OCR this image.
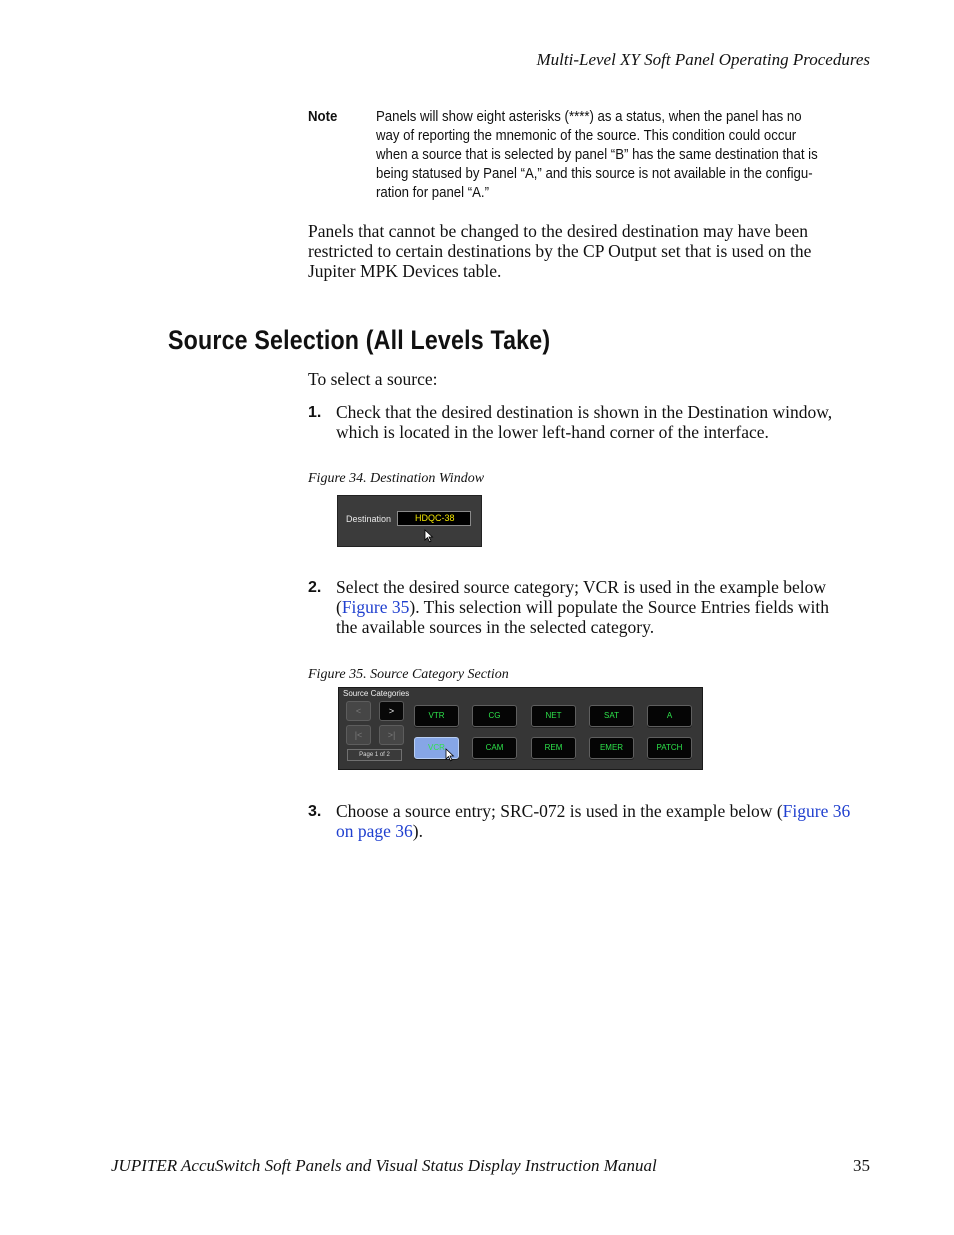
Multi-Level XY Soft Panel Operating Procedures
Note	Panels will show eight asterisks (****) as a status, when the panel has no
way of reporting the mnemonic of the source. This condition could occur
when a source that is selected by panel “B” has the same destination that is
being statused by Panel “A,” and this source is not available in the configu-
ration for panel “A.”
Panels that cannot be changed to the desired destination may have been
restricted to certain destinations by the CP Output set that is used on the
Jupiter MPK Devices table.
Source Selection (All Levels Take)
To select a source:
1. Check that the desired destination is shown in the Destination window,
which is located in the lower left-hand corner of the interface.
Figure 34. Destination Window
Destination	HDQC-38
2. Select the desired source category; VCR is used in the example below
(Figure 35). This selection will populate the Source Entries fields with
the available sources in the selected category.
Figure 35. Source Category Section
Source Categories
<	>
|<	>|
Page 1 of 2
VTR	CG	NET	SAT	A
VCR	CAM	REM	EMER	PATCH
3. Choose a source entry; SRC-072 is used in the example below (Figure 36
on page 36).
JUPITER AccuSwitch Soft Panels and Visual Status Display Instruction Manual	35
